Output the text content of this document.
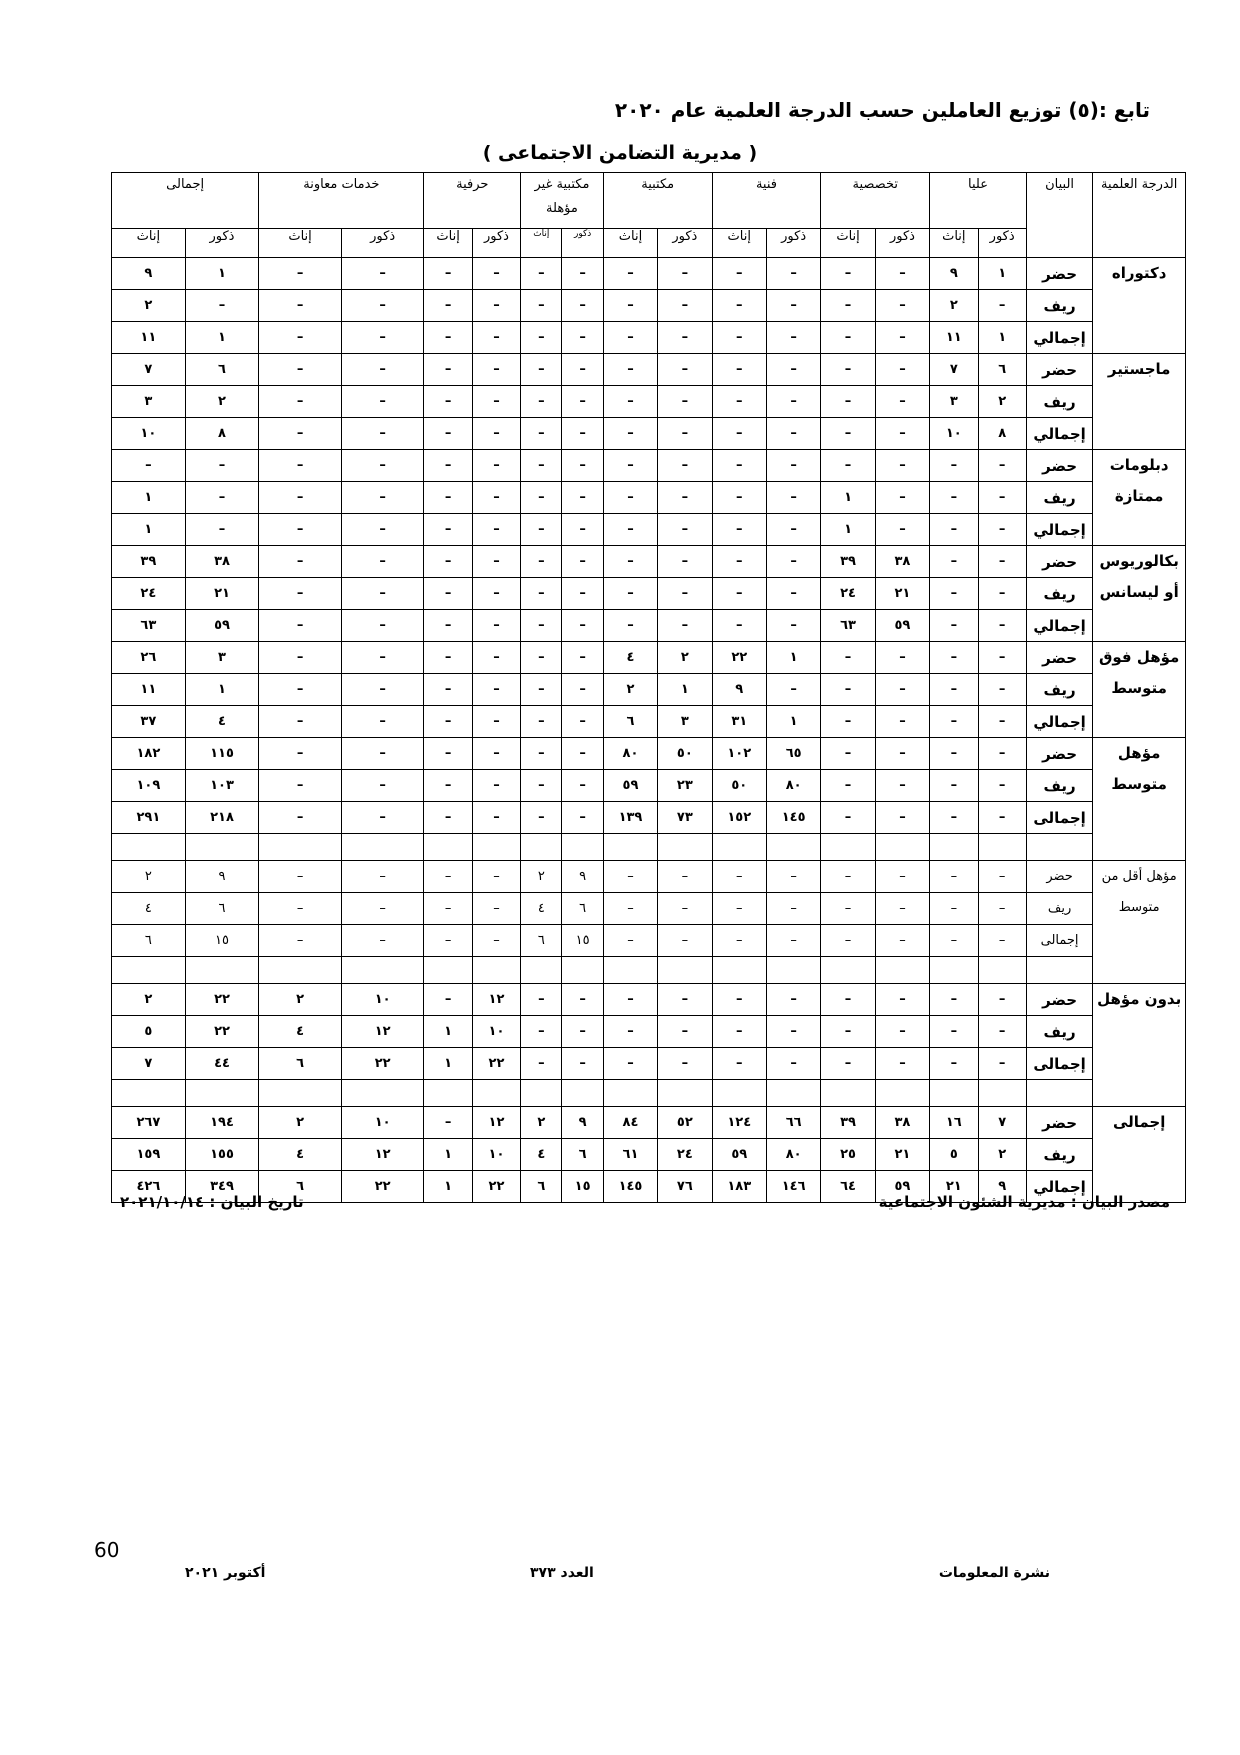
تابع :(٥) توزيع العاملين حسب الدرجة العلمية عام ٢٠٢٠
( مديرية التضامن الاجتماعى )
الدرجة العلمية	البيان	عليا		تخصصية		فنية		مكتبية		مكتبية غير مؤهلة		حرفية		خدمات معاونة		إجمالى	
		ذكور	إناث	ذكور	إناث	ذكور	إناث	ذكور	إناث	ذكور	إناث	ذكور	إناث	ذكور	إناث	ذكور	إناث
دكتوراه	حضر	١	٩	–	–	–	–	–	–	–	–	–	–	–	–	١	٩
	ريف	–	٢	–	–	–	–	–	–	–	–	–	–	–	–	–	٢
	إجمالي	١	١١	–	–	–	–	–	–	–	–	–	–	–	–	١	١١
ماجستير	حضر	٦	٧	–	–	–	–	–	–	–	–	–	–	–	–	٦	٧
	ريف	٢	٣	–	–	–	–	–	–	–	–	–	–	–	–	٢	٣
	إجمالي	٨	١٠	–	–	–	–	–	–	–	–	–	–	–	–	٨	١٠
دبلومات ممتازة	حضر	–	–	–	–	–	–	–	–	–	–	–	–	–	–	–	–
	ريف	–	–	–	١	–	–	–	–	–	–	–	–	–	–	–	١
	إجمالي	–	–	–	١	–	–	–	–	–	–	–	–	–	–	–	١
بكالوريوس أو ليسانس	حضر	–	–	٣٨	٣٩	–	–	–	–	–	–	–	–	–	–	٣٨	٣٩
	ريف	–	–	٢١	٢٤	–	–	–	–	–	–	–	–	–	–	٢١	٢٤
	إجمالي	–	–	٥٩	٦٣	–	–	–	–	–	–	–	–	–	–	٥٩	٦٣
مؤهل فوق متوسط	حضر	–	–	–	–	١	٢٢	٢	٤	–	–	–	–	–	–	٣	٢٦
	ريف	–	–	–	–	–	٩	١	٢	–	–	–	–	–	–	١	١١
	إجمالي	–	–	–	–	١	٣١	٣	٦	–	–	–	–	–	–	٤	٣٧
مؤهل متوسط	حضر	–	–	–	–	٦٥	١٠٢	٥٠	٨٠	–	–	–	–	–	–	١١٥	١٨٢
	ريف	–	–	–	–	٨٠	٥٠	٢٣	٥٩	–	–	–	–	–	–	١٠٣	١٠٩
	إجمالى	–	–	–	–	١٤٥	١٥٢	٧٣	١٣٩	–	–	–	–	–	–	٢١٨	٢٩١

مؤهل أقل من متوسط	حضر	–	–	–	–	–	–	–	–	٩	٢	–	–	–	–	٩	٢
	ريف	–	–	–	–	–	–	–	–	٦	٤	–	–	–	–	٦	٤
	إجمالى	–	–	–	–	–	–	–	–	١٥	٦	–	–	–	–	١٥	٦

بدون مؤهل	حضر	–	–	–	–	–	–	–	–	–	–	١٢	–	١٠	٢	٢٢	٢
	ريف	–	–	–	–	–	–	–	–	–	–	١٠	١	١٢	٤	٢٢	٥
	إجمالى	–	–	–	–	–	–	–	–	–	–	٢٢	١	٢٢	٦	٤٤	٧

إجمالى	حضر	٧	١٦	٣٨	٣٩	٦٦	١٢٤	٥٢	٨٤	٩	٢	١٢	–	١٠	٢	١٩٤	٢٦٧
	ريف	٢	٥	٢١	٢٥	٨٠	٥٩	٢٤	٦١	٦	٤	١٠	١	١٢	٤	١٥٥	١٥٩
	إجمالي	٩	٢١	٥٩	٦٤	١٤٦	١٨٣	٧٦	١٤٥	١٥	٦	٢٢	١	٢٢	٦	٣٤٩	٤٢٦
مصدر البيان : مديرية الشئون الاجتماعية
تاريخ البيان : ٢٠٢١/١٠/١٤
60
نشرة المعلومات
العدد ٣٧٣
أكتوبر ٢٠٢١
